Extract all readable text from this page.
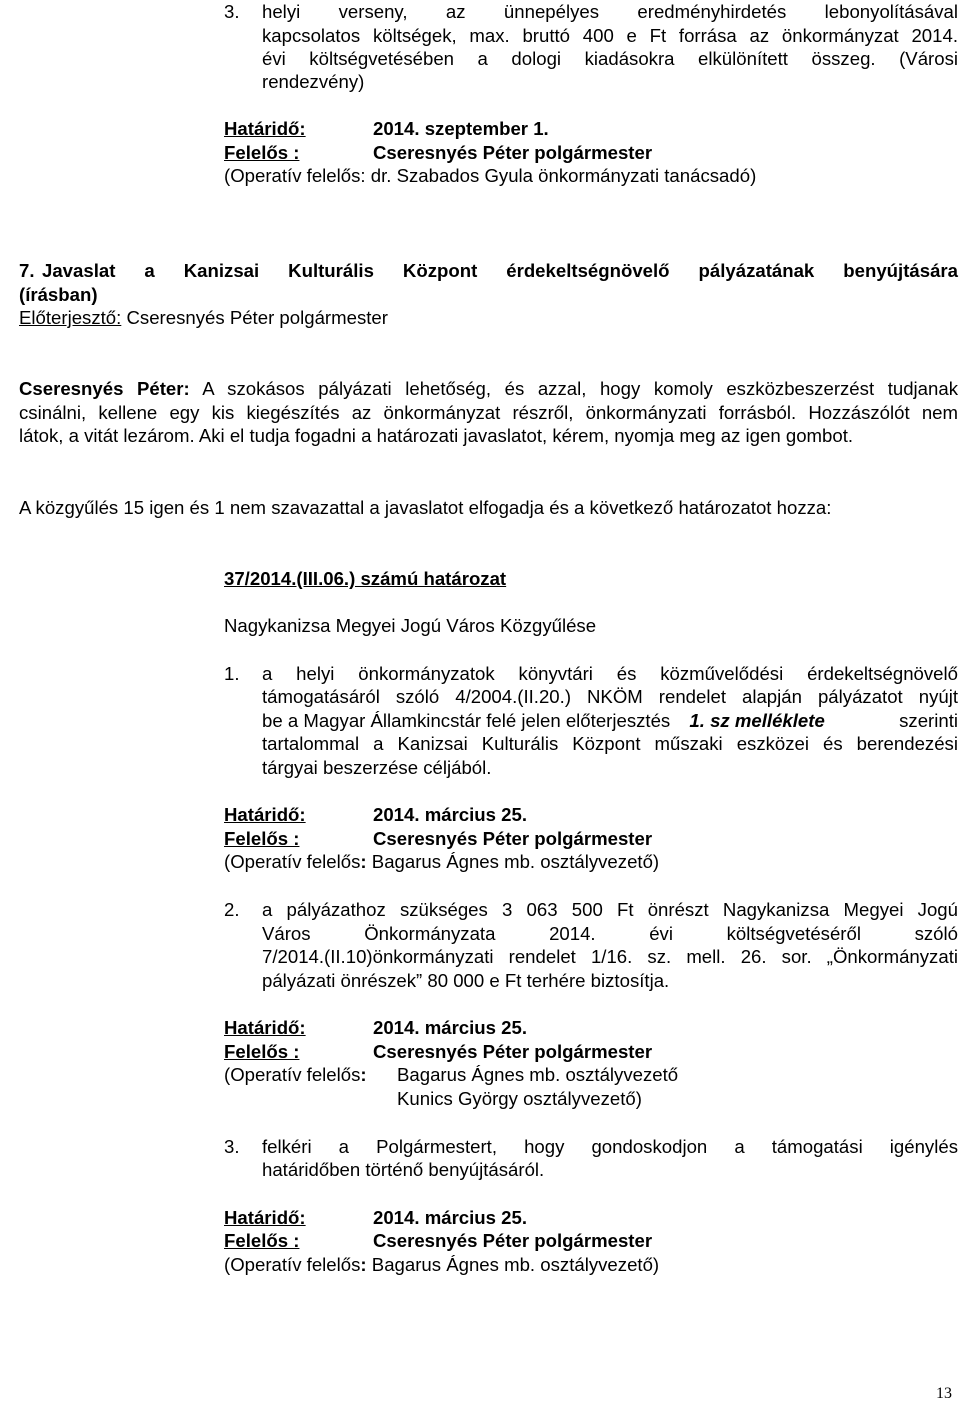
3. helyi verseny, az ünnepélyes eredményhirdetés lebonyolításával
kapcsolatos költségek, max. bruttó 400 e Ft forrása az önkormányzat 2014.
évi költségvetésében a dologi kiadásokra elkülönített összeg. (Városi
rendezvény)
Határidő:	2014. szeptember 1.
Felelős :	Cseresnyés Péter polgármester
(Operatív felelős: dr. Szabados Gyula önkormányzati tanácsadó)
7. Javaslat a Kanizsai Kulturális Központ érdekeltségnövelő pályázatának benyújtására
(írásban)
Előterjesztő: Cseresnyés Péter polgármester
Cseresnyés Péter: A szokásos pályázati lehetőség, és azzal, hogy komoly eszközbeszerzést tudjanak
csinálni, kellene egy kis kiegészítés az önkormányzat részről, önkormányzati forrásból. Hozzászólót nem
látok, a vitát lezárom. Aki el tudja fogadni a határozati javaslatot, kérem, nyomja meg az igen gombot.
A közgyűlés 15 igen és 1 nem szavazattal a javaslatot elfogadja és a következő határozatot hozza:
37/2014.(III.06.) számú határozat
Nagykanizsa Megyei Jogú Város Közgyűlése
1. a helyi önkormányzatok könyvtári és közművelődési érdekeltségnövelő
támogatásáról szóló 4/2004.(II.20.) NKÖM rendelet alapján pályázatot nyújt
be a Magyar Államkincstár felé jelen előterjesztés 1. sz melléklete	szerinti
tartalommal a Kanizsai Kulturális Központ műszaki eszközei és berendezési
tárgyai beszerzése céljából.
Határidő:	2014. március 25.
Felelős :	Cseresnyés Péter polgármester
(Operatív felelős: Bagarus Ágnes mb. osztályvezető)
2. a pályázathoz szükséges 3 063 500 Ft önrészt Nagykanizsa Megyei Jogú
Város Önkormányzata 2014. évi költségvetéséről szóló
7/2014.(II.10)önkormányzati rendelet 1/16. sz. mell. 26. sor. „Önkormányzati
pályázati önrészek” 80 000 e Ft terhére biztosítja.
Határidő:	2014. március 25.
Felelős :	Cseresnyés Péter polgármester
(Operatív felelős: Bagarus Ágnes mb. osztályvezető
Kunics György osztályvezető)
3. felkéri a Polgármestert, hogy gondoskodjon a támogatási igénylés
határidőben történő benyújtásáról.
Határidő:	2014. március 25.
Felelős :	Cseresnyés Péter polgármester
(Operatív felelős: Bagarus Ágnes mb. osztályvezető)
13
